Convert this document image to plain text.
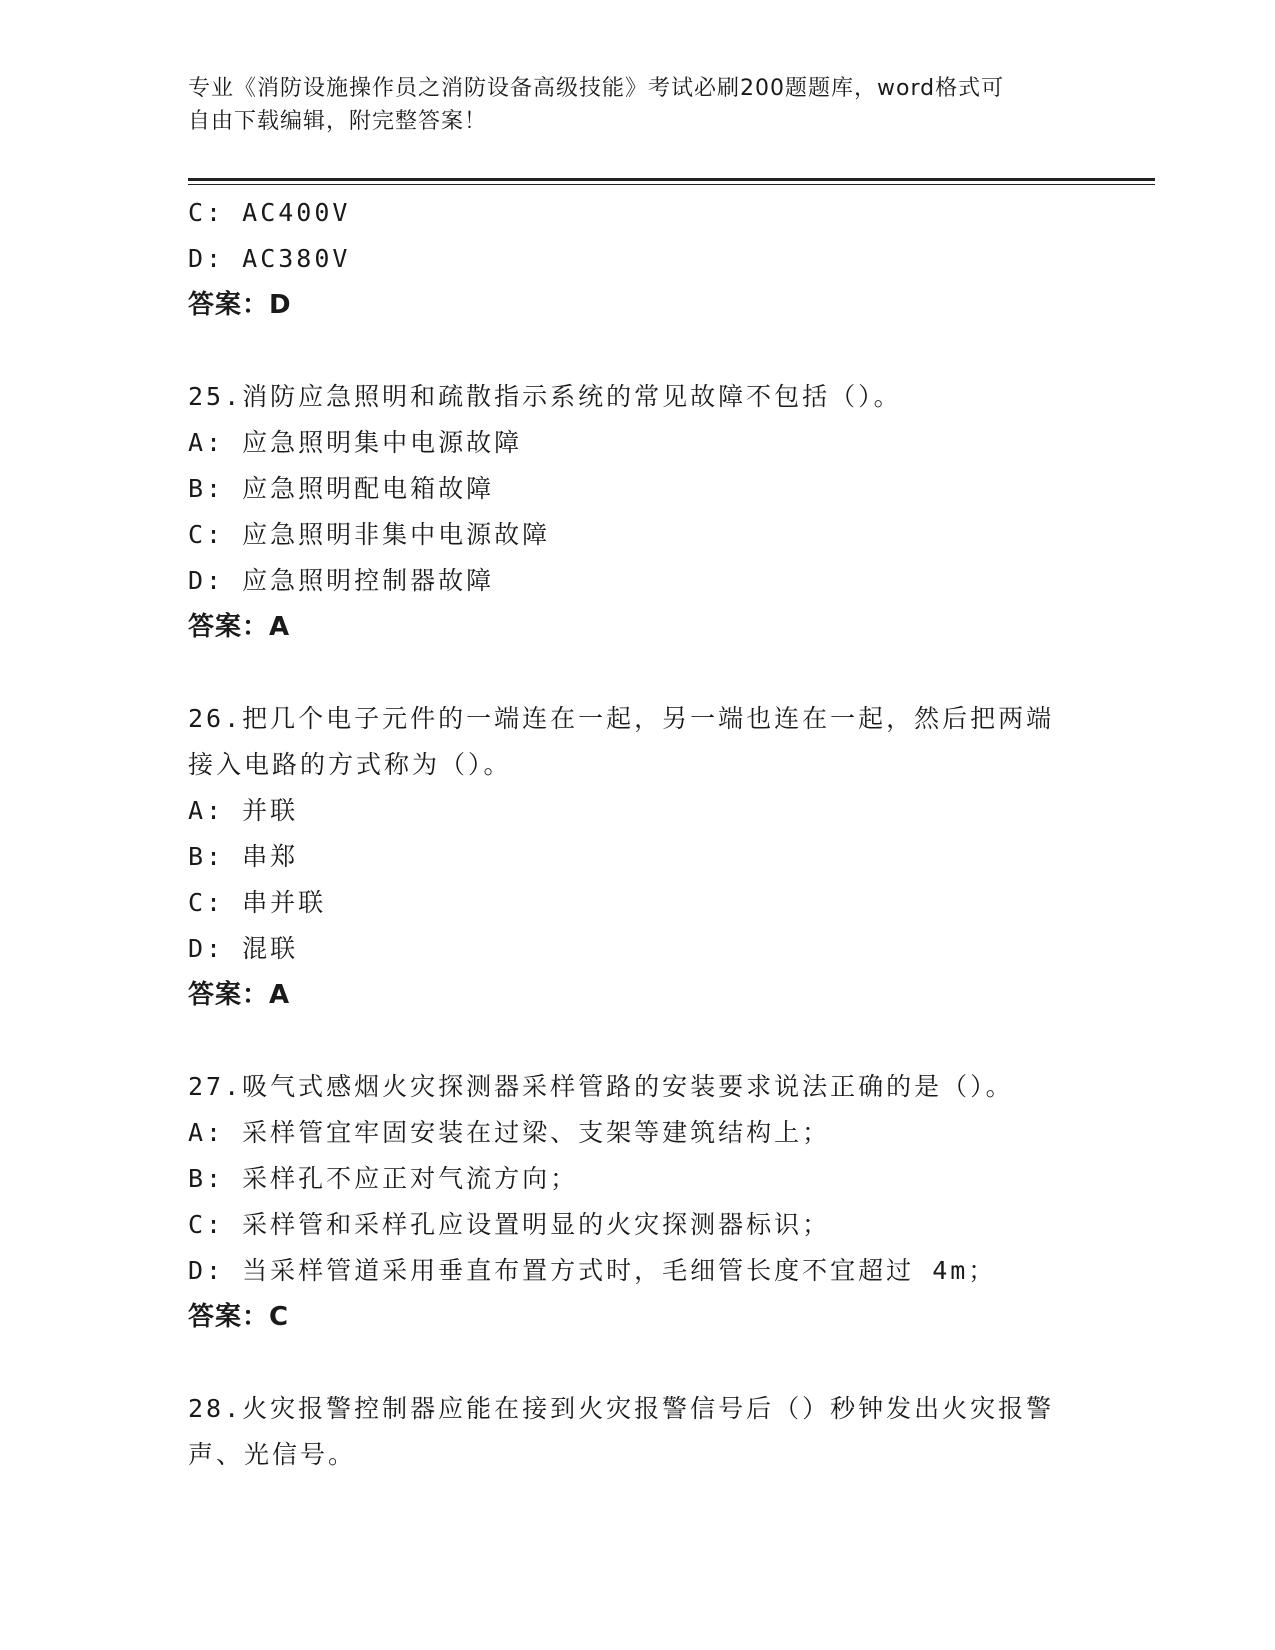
专业《消防设施操作员之消防设备高级技能》考试必刷200题题库，word格式可
自由下载编辑，附完整答案！
C: AC400V
D: AC380V
答案：D
25.消防应急照明和疏散指示系统的常见故障不包括（）。
A: 应急照明集中电源故障
B: 应急照明配电箱故障
C: 应急照明非集中电源故障
D: 应急照明控制器故障
答案：A
26.把几个电子元件的一端连在一起，另一端也连在一起，然后把两端
接入电路的方式称为（）。
A: 并联
B: 串郑
C: 串并联
D: 混联
答案：A
27.吸气式感烟火灾探测器采样管路的安装要求说法正确的是（）。
A: 采样管宜牢固安装在过梁、支架等建筑结构上；
B: 采样孔不应正对气流方向；
C: 采样管和采样孔应设置明显的火灾探测器标识；
D: 当采样管道采用垂直布置方式时，毛细管长度不宜超过 4m；
答案：C
28.火灾报警控制器应能在接到火灾报警信号后（）秒钟发出火灾报警
声、光信号。
